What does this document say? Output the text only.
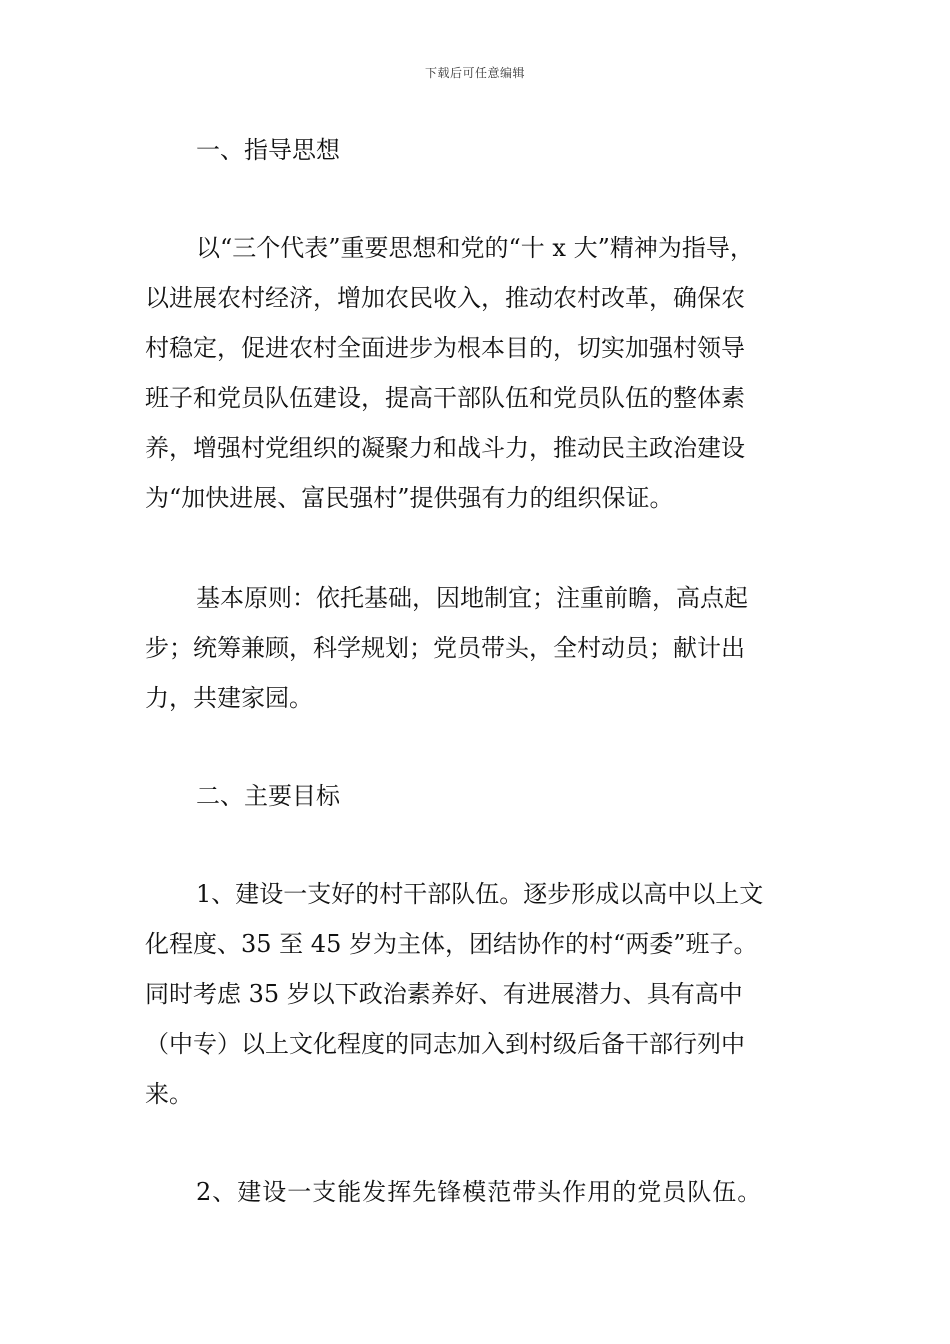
下载后可任意编辑
一、指导思想
以“三个代表”重要思想和党的“十 x 大”精神为指导，
以进展农村经济，增加农民收入，推动农村改革，确保农
村稳定，促进农村全面进步为根本目的，切实加强村领导
班子和党员队伍建设，提高干部队伍和党员队伍的整体素
养，增强村党组织的凝聚力和战斗力，推动民主政治建设
为“加快进展、富民强村”提供强有力的组织保证。
基本原则：依托基础，因地制宜；注重前瞻，高点起
步；统筹兼顾，科学规划；党员带头，全村动员；献计出
力，共建家园。
二、主要目标
1、建设一支好的村干部队伍。逐步形成以高中以上文
化程度、35 至 45 岁为主体，团结协作的村“两委”班子。
同时考虑 35 岁以下政治素养好、有进展潜力、具有高中
（中专）以上文化程度的同志加入到村级后备干部行列中
来。
2、建设一支能发挥先锋模范带头作用的党员队伍。
